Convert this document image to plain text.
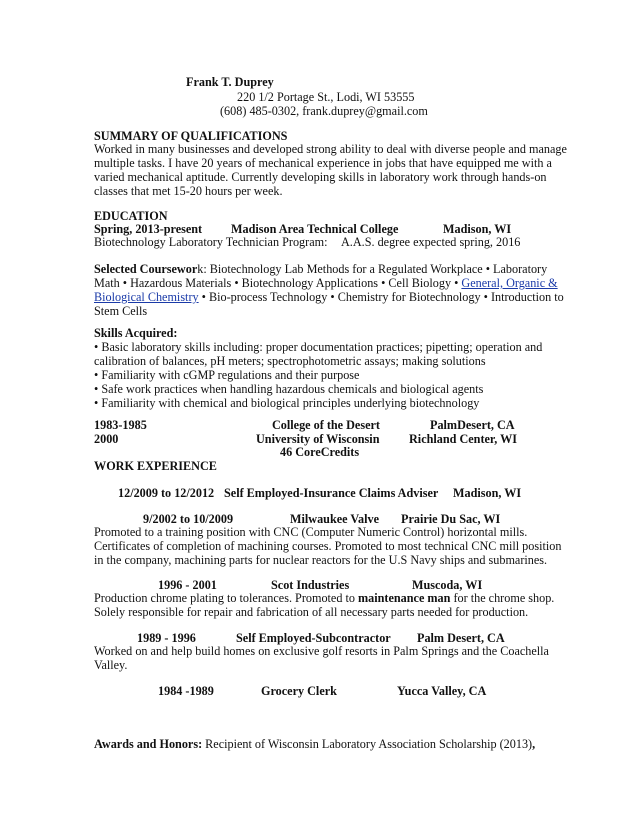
Frank T. Duprey
220 1/2 Portage St., Lodi, WI 53555
(608) 485-0302, frank.duprey@gmail.com
SUMMARY OF QUALIFICATIONS
Worked in many businesses and developed strong ability to deal with diverse people and manage
multiple tasks. I have 20 years of mechanical experience in jobs that have equipped me with a
varied mechanical aptitude. Currently developing skills in laboratory work through hands-on
classes that met 15-20 hours per week.
EDUCATION
Spring, 2013-present Madison Area Technical College	Madison, WI
Biotechnology Laboratory Technician Program: A.A.S. degree expected spring, 2016
Selected Coursework: Biotechnology Lab Methods for a Regulated Workplace • Laboratory
Math • Hazardous Materials • Biotechnology Applications • Cell Biology • General, Organic &
Biological Chemistry • Bio-process Technology • Chemistry for Biotechnology • Introduction to
Stem Cells
Skills Acquired:
• Basic laboratory skills including: proper documentation practices; pipetting; operation and
calibration of balances, pH meters; spectrophotometric assays; making solutions
• Familiarity with cGMP regulations and their purpose
• Safe work practices when handling hazardous chemicals and biological agents
• Familiarity with chemical and biological principles underlying biotechnology
1983-1985	College of the Desert	PalmDesert, CA
2000	University of Wisconsin Richland Center, WI
46 CoreCredits
WORK EXPERIENCE
12/2009 to 12/2012 Self Employed-Insurance Claims Adviser Madison, WI
9/2002 to 10/2009	Milwaukee Valve Prairie Du Sac, WI
Promoted to a training position with CNC (Computer Numeric Control) horizontal mills.
Certificates of completion of machining courses. Promoted to most technical CNC mill position
in the company, machining parts for nuclear reactors for the U.S Navy ships and submarines.
1996 - 2001	Scot Industries	Muscoda, WI
Production chrome plating to tolerances. Promoted to maintenance man for the chrome shop.
Solely responsible for repair and fabrication of all necessary parts needed for production.
1989 - 1996	Self Employed-Subcontractor Palm Desert, CA
Worked on and help build homes on exclusive golf resorts in Palm Springs and the Coachella
Valley.
1984 -1989	Grocery Clerk	Yucca Valley, CA
Awards and Honors: Recipient of Wisconsin Laboratory Association Scholarship (2013),
